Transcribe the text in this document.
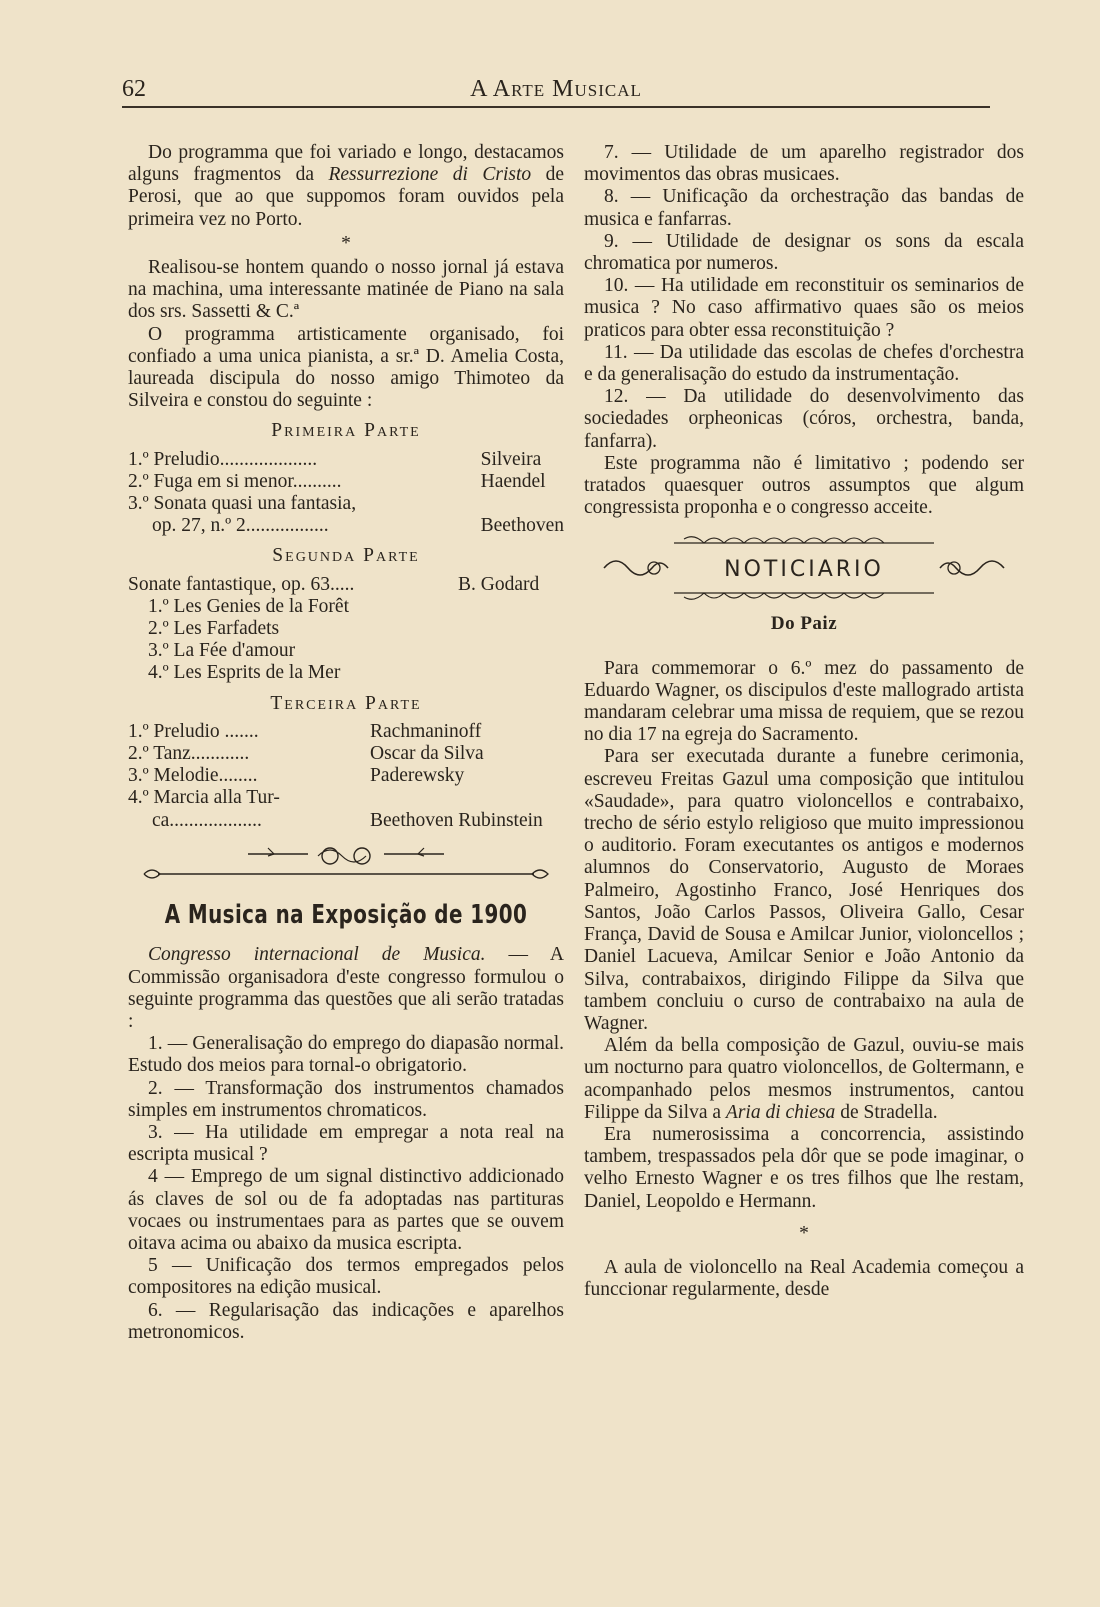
62	A Arte Musical

Do programma que foi variado e longo, destacamos alguns fragmentos da Ressurrezione di Cristo de Perosi, que ao que suppomos foram ouvidos pela primeira vez no Porto.

*

Realisou-se hontem quando o nosso jornal já estava na machina, uma interessante matinée de Piano na sala dos srs. Sassetti & C.ª

O programma artisticamente organisado, foi confiado a uma unica pianista, a sr.ª D. Amelia Costa, laureada discipula do nosso amigo Thimoteo da Silveira e constou do seguinte :

Primeira Parte
1.º Preludio....................	Silveira
2.º Fuga em si menor..........	Haendel
3.º Sonata quasi una fantasia,	
op. 27, n.º 2.................	Beethoven
Segunda Parte
Sonate fantastique, op. 63.....	B. Godard
1.º Les Genies de la Forêt
2.º Les Farfadets
3.º La Fée d'amour
4.º Les Esprits de la Mer
Terceira Parte
1.º Preludio .......	Rachmaninoff
2.º Tanz............	Oscar da Silva
3.º Melodie........	Paderewsky
4.º Marcia alla Tur-	
ca...................	Beethoven Rubinstein
A Musica na Exposição de 1900

Congresso internacional de Musica. — A Commissão organisadora d'este congresso formulou o seguinte programma das questões que ali serão tratadas :

1. — Generalisação do emprego do diapasão normal. Estudo dos meios para tornal-o obrigatorio.

2. — Transformação dos instrumentos chamados simples em instrumentos chromaticos.

3. — Ha utilidade em empregar a nota real na escripta musical ?

4 — Emprego de um signal distinctivo addicionado ás claves de sol ou de fa adoptadas nas partituras vocaes ou instrumentaes para as partes que se ouvem oitava acima ou abaixo da musica escripta.

5 — Unificação dos termos empregados pelos compositores na edição musical.

6. — Regularisação das indicações e aparelhos metronomicos.

7. — Utilidade de um aparelho registrador dos movimentos das obras musicaes.

8. — Unificação da orchestração das bandas de musica e fanfarras.

9. — Utilidade de designar os sons da escala chromatica por numeros.

10. — Ha utilidade em reconstituir os seminarios de musica ? No caso affirmativo quaes são os meios praticos para obter essa reconstituição ?

11. — Da utilidade das escolas de chefes d'orchestra e da generalisação do estudo da instrumentação.

12. — Da utilidade do desenvolvimento das sociedades orpheonicas (córos, orchestra, banda, fanfarra).

Este programma não é limitativo ; podendo ser tratados quaesquer outros assumptos que algum congressista proponha e o congresso acceite.

NOTICIARIO
Do Paiz

Para commemorar o 6.º mez do passamento de Eduardo Wagner, os discipulos d'este mallogrado artista mandaram celebrar uma missa de requiem, que se rezou no dia 17 na egreja do Sacramento.

Para ser executada durante a funebre cerimonia, escreveu Freitas Gazul uma composição que intitulou «Saudade», para quatro violoncellos e contrabaixo, trecho de sério estylo religioso que muito impressionou o auditorio. Foram executantes os antigos e modernos alumnos do Conservatorio, Augusto de Moraes Palmeiro, Agostinho Franco, José Henriques dos Santos, João Carlos Passos, Oliveira Gallo, Cesar França, David de Sousa e Amilcar Junior, violoncellos ; Daniel Lacueva, Amilcar Senior e João Antonio da Silva, contrabaixos, dirigindo Filippe da Silva que tambem concluiu o curso de contrabaixo na aula de Wagner.

Além da bella composição de Gazul, ouviu-se mais um nocturno para quatro violoncellos, de Goltermann, e acompanhado pelos mesmos instrumentos, cantou Filippe da Silva a Aria di chiesa de Stradella.

Era numerosissima a concorrencia, assistindo tambem, trespassados pela dôr que se pode imaginar, o velho Ernesto Wagner e os tres filhos que lhe restam, Daniel, Leopoldo e Hermann.

*

A aula de violoncello na Real Academia começou a funccionar regularmente, desde
